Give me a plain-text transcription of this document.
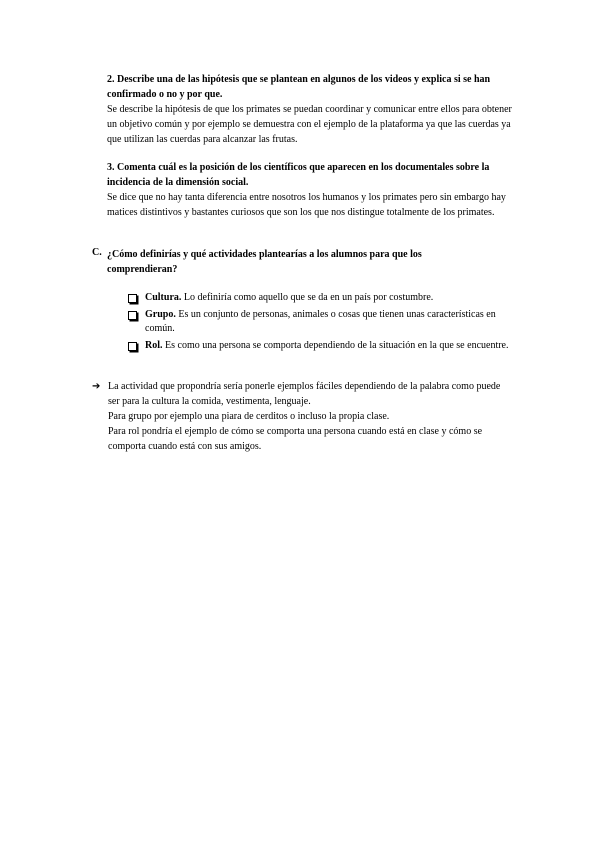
2. Describe una de las hipótesis que se plantean en algunos de los videos y explica si se han confirmado o no y por que.
Se describe la hipótesis de que los primates se puedan coordinar y comunicar entre ellos para obtener un objetivo común y por ejemplo se demuestra con el ejemplo de la plataforma ya que las cuerdas ya que utilizan las cuerdas para alcanzar las frutas.
3. Comenta cuál es la posición de los científicos que aparecen en los documentales sobre la incidencia de la dimensión social.
Se dice que no hay tanta diferencia entre nosotros los humanos y los primates pero sin embargo hay matices distintivos y bastantes curiosos que son los que nos distingue totalmente de los primates.
C. ¿Cómo definirías y qué actividades plantearías a los alumnos para que los comprendieran?
Cultura. Lo definiría como aquello que se da en un país por costumbre.
Grupo. Es un conjunto de personas, animales o cosas que tienen unas características en común.
Rol. Es como una persona se comporta dependiendo de la situación en la que se encuentre.
➔ La actividad que propondría sería ponerle ejemplos fáciles dependiendo de la palabra como puede ser para la cultura la comida, vestimenta, lenguaje.
Para grupo por ejemplo una piara de cerditos o incluso la propia clase.
Para rol pondría el ejemplo de cómo se comporta una persona cuando está en clase y cómo se comporta cuando está con sus amigos.
